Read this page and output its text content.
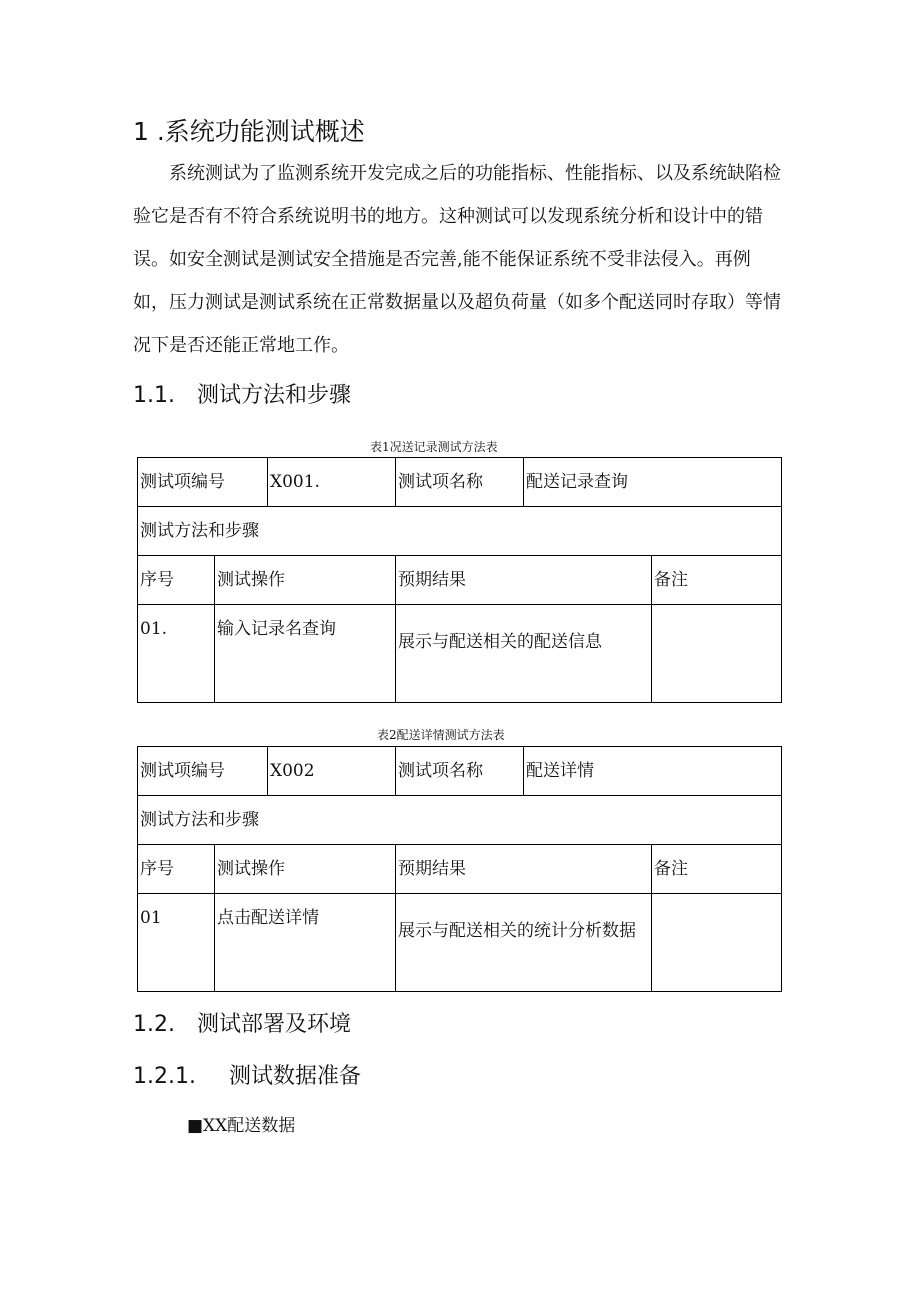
1 .系统功能测试概述

系统测试为了监测系统开发完成之后的功能指标、性能指标、以及系统缺陷检验它是否有不符合系统说明书的地方。这种测试可以发现系统分析和设计中的错误。如安全测试是测试安全措施是否完善,能不能保证系统不受非法侵入。再例如，压力测试是测试系统在正常数据量以及超负荷量（如多个配送同时存取）等情况下是否还能正常地工作。

1.1. 测试方法和步骤
表1况送记录测试方法表
测试项编号		X001.	测试项名称	配送记录查询	
测试方法和步骤					
序号	测试操作		预期结果		备注
01.	输入记录名查询		展示与配送相关的配送信息		
表2配送详情测试方法表
测试项编号		X002	测试项名称	配送详情	
测试方法和步骤					
序号	测试操作		预期结果		备注
01	点击配送详情		展示与配送相关的统计分析数据		
1.2. 测试部署及环境
1.2.1. 测试数据准备
■XX配送数据
